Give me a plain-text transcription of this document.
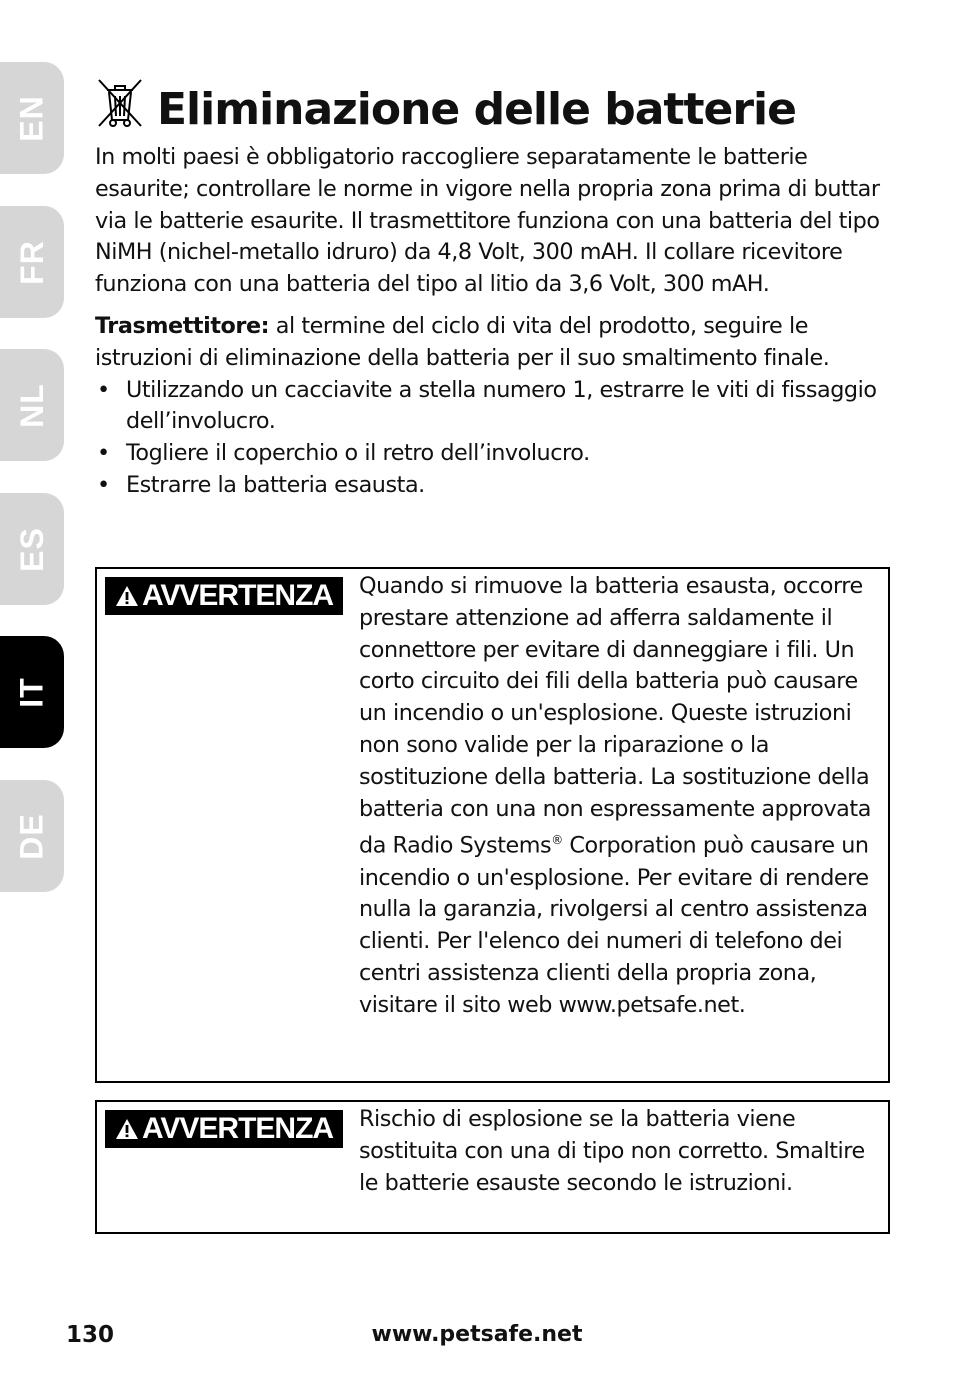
EN
FR
NL
ES
IT
DE
Eliminazione delle batterie

In molti paesi è obbligatorio raccogliere separatamente le batterie esaurite; controllare le norme in vigore nella propria zona prima di buttar via le batterie esaurite. Il trasmettitore funziona con una batteria del tipo NiMH (nichel-metallo idruro) da 4,8 Volt, 300 mAH. Il collare ricevitore funziona con una batteria del tipo al litio da 3,6 Volt, 300 mAH.

Trasmettitore: al termine del ciclo di vita del prodotto, seguire le istruzioni di eliminazione della batteria per il suo smaltimento finale.

• Utilizzando un cacciavite a stella numero 1, estrarre le viti di fissaggio dell’involucro.
• Togliere il coperchio o il retro dell’involucro.
• Estrarre la batteria esausta.
AVVERTENZA Quando si rimuove la batteria esausta, occorre prestare attenzione ad afferra saldamente il connettore per evitare di danneggiare i fili. Un corto circuito dei fili della batteria può causare un incendio o un'esplosione. Queste istruzioni non sono valide per la riparazione o la sostituzione della batteria. La sostituzione della batteria con una non espressamente approvata da Radio Systems® Corporation può causare un incendio o un'esplosione. Per evitare di rendere nulla la garanzia, rivolgersi al centro assistenza clienti. Per l'elenco dei numeri di telefono dei centri assistenza clienti della propria zona, visitare il sito web www.petsafe.net.

AVVERTENZA Rischio di esplosione se la batteria viene sostituita con una di tipo non corretto. Smaltire le batterie esauste secondo le istruzioni.

130	www.petsafe.net
